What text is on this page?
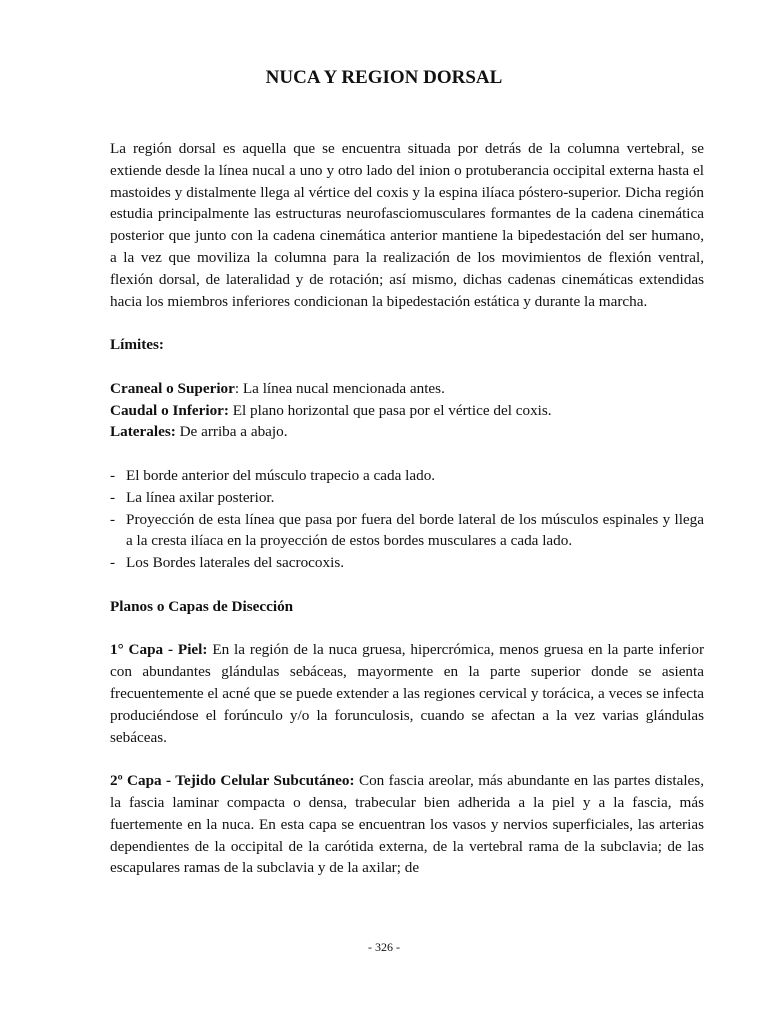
NUCA Y REGION DORSAL

La región dorsal es aquella que se encuentra situada por detrás de la columna vertebral, se extiende desde la línea nucal a uno y otro lado del inion o protuberancia occipital externa hasta el mastoides y distalmente llega al vértice del coxis y la espina ilíaca póstero-superior. Dicha región estudia principalmente las estructuras neurofasciomusculares formantes de la cadena cinemática posterior que junto con la cadena cinemática anterior mantiene la bipedestación del ser humano, a la vez que moviliza la columna para la realización de los movimientos de flexión ventral, flexión dorsal, de lateralidad y de rotación; así mismo, dichas cadenas cinemáticas extendidas hacia los miembros inferiores condicionan la bipedestación estática y durante la marcha.

Límites:

Craneal o Superior: La línea nucal mencionada antes.

Caudal o Inferior: El plano horizontal que pasa por el vértice del coxis.

Laterales: De arriba a abajo.

- El borde anterior del músculo trapecio a cada lado.
- La línea axilar posterior.
- Proyección de esta línea que pasa por fuera del borde lateral de los músculos espinales y llega a la cresta ilíaca en la proyección de estos bordes musculares a cada lado.
- Los Bordes laterales del sacrocoxis.

Planos o Capas de Disección

1° Capa - Piel: En la región de la nuca gruesa, hipercrómica, menos gruesa en la parte inferior con abundantes glándulas sebáceas, mayormente en la parte superior donde se asienta frecuentemente el acné que se puede extender a las regiones cervical y torácica, a veces se infecta produciéndose el forúnculo y/o la forunculosis, cuando se afectan a la vez varias glándulas sebáceas.

2º Capa - Tejido Celular Subcutáneo: Con fascia areolar, más abundante en las partes distales, la fascia laminar compacta o densa, trabecular bien adherida a la piel y a la fascia, más fuertemente en la nuca. En esta capa se encuentran los vasos y nervios superficiales, las arterias dependientes de la occipital de la carótida externa, de la vertebral rama de la subclavia; de las escapulares ramas de la subclavia y de la axilar; de

- 326 -
